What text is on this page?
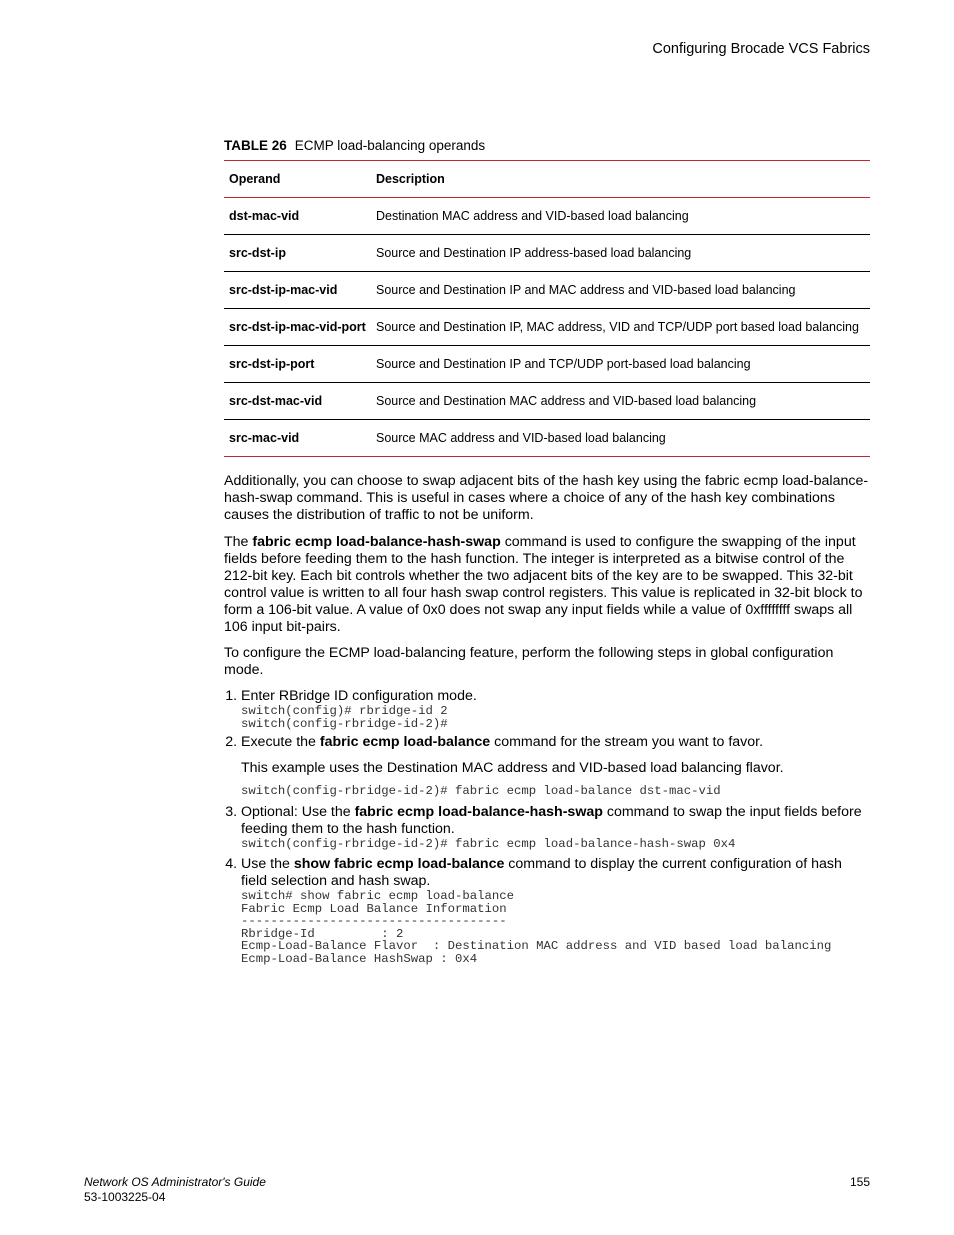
Configuring Brocade VCS Fabrics
TABLE 26 ECMP load-balancing operands
Operand	Description
dst-mac-vid	Destination MAC address and VID-based load balancing
src-dst-ip	Source and Destination IP address-based load balancing
src-dst-ip-mac-vid	Source and Destination IP and MAC address and VID-based load balancing
src-dst-ip-mac-vid-port	Source and Destination IP, MAC address, VID and TCP/UDP port based load balancing
src-dst-ip-port	Source and Destination IP and TCP/UDP port-based load balancing
src-dst-mac-vid	Source and Destination MAC address and VID-based load balancing
src-mac-vid	Source MAC address and VID-based load balancing

Additionally, you can choose to swap adjacent bits of the hash key using the fabric ecmp load-balance-hash-swap command. This is useful in cases where a choice of any of the hash key combinations causes the distribution of traffic to not be uniform.

The fabric ecmp load-balance-hash-swap command is used to configure the swapping of the input fields before feeding them to the hash function. The integer is interpreted as a bitwise control of the 212-bit key. Each bit controls whether the two adjacent bits of the key are to be swapped. This 32-bit control value is written to all four hash swap control registers. This value is replicated in 32-bit block to form a 106-bit value. A value of 0x0 does not swap any input fields while a value of 0xffffffff swaps all 106 input bit-pairs.

To configure the ECMP load-balancing feature, perform the following steps in global configuration mode.

1. Enter RBridge ID configuration mode.
switch(config)# rbridge-id 2
switch(config-rbridge-id-2)#
2. Execute the fabric ecmp load-balance command for the stream you want to favor.

This example uses the Destination MAC address and VID-based load balancing flavor.

switch(config-rbridge-id-2)# fabric ecmp load-balance dst-mac-vid
3. Optional: Use the fabric ecmp load-balance-hash-swap command to swap the input fields before feeding them to the hash function.
switch(config-rbridge-id-2)# fabric ecmp load-balance-hash-swap 0x4
4. Use the show fabric ecmp load-balance command to display the current configuration of hash field selection and hash swap.
switch# show fabric ecmp load-balance
Fabric Ecmp Load Balance Information
------------------------------------
Rbridge-Id         : 2
Ecmp-Load-Balance Flavor  : Destination MAC address and VID based load balancing
Ecmp-Load-Balance HashSwap : 0x4
Network OS Administrator's Guide
53-1003225-04
155
